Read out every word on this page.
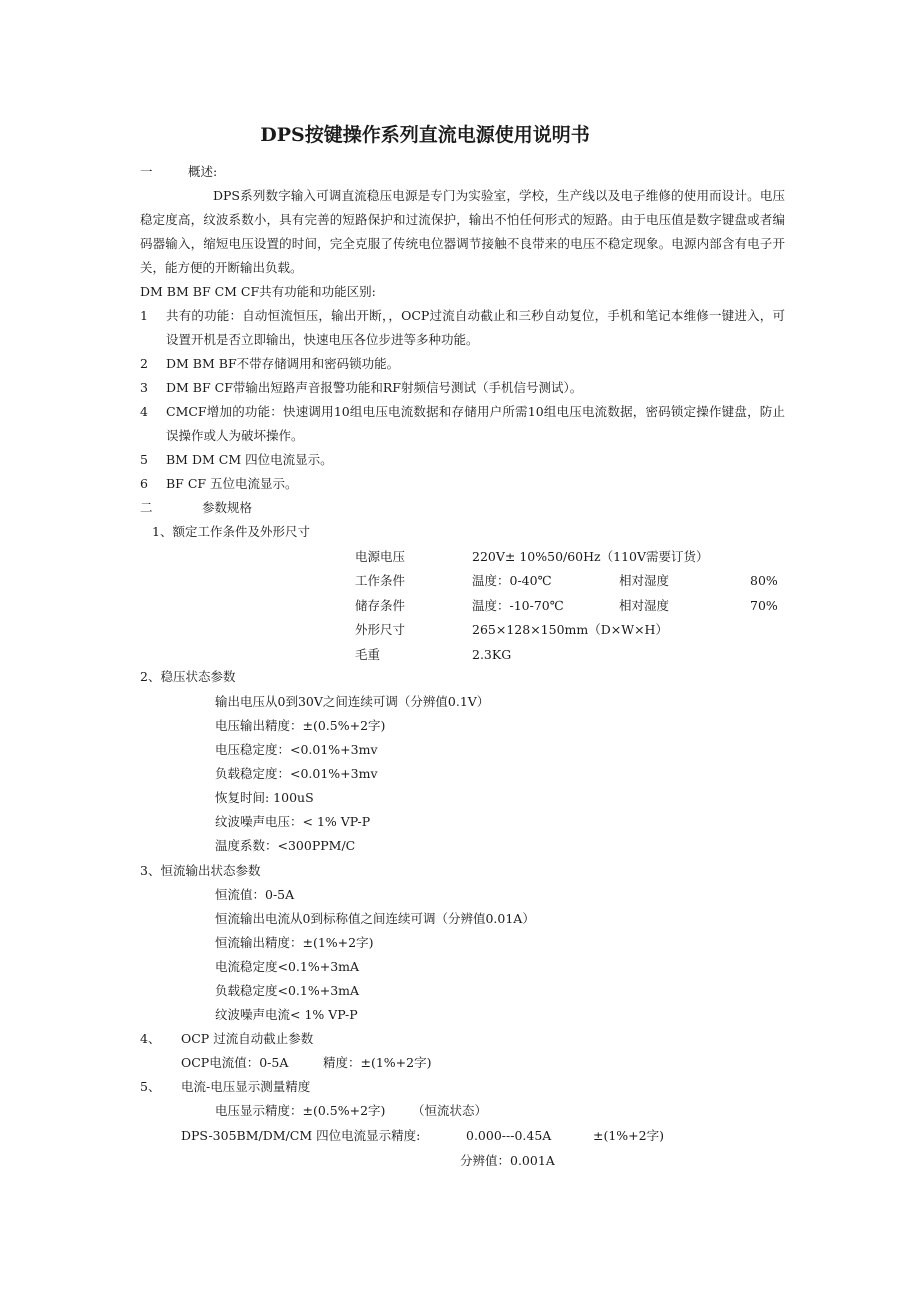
DPS按键操作系列直流电源使用说明书
一	概述:
DPS系列数字输入可调直流稳压电源是专门为实验室，学校，生产线以及电子维修的使用而设计。电压稳定度高，纹波系数小，具有完善的短路保护和过流保护，输出不怕任何形式的短路。由于电压值是数字键盘或者编码器输入，缩短电压设置的时间，完全克服了传统电位器调节接触不良带来的电压不稳定现象。电源内部含有电子开关，能方便的开断输出负载。
DM BM BF CM CF共有功能和功能区别:
1	共有的功能：自动恒流恒压，输出开断，，OCP过流自动截止和三秒自动复位，手机和笔记本维修一键进入，可设置开机是否立即输出，快速电压各位步进等多种功能。
2	DM BM BF不带存储调用和密码锁功能。
3	DM BF CF带输出短路声音报警功能和RF射频信号测试（手机信号测试）。
4	CMCF增加的功能：快速调用10组电压电流数据和存储用户所需10组电压电流数据，密码锁定操作键盘，防止误操作或人为破坏操作。
5	BM DM CM 四位电流显示。
6	BF CF 五位电流显示。
二	参数规格
1、额定工作条件及外形尺寸
电源电压	220V± 10%50/60Hz（110V需要订货）
工作条件	温度：0-40℃	相对湿度	80%
储存条件	温度：-10-70℃	相对湿度	70%
外形尺寸	265×128×150mm（D×W×H）
毛重	2.3KG
2、稳压状态参数
输出电压从0到30V之间连续可调（分辨值0.1V）
电压输出精度：±(0.5%+2字)
电压稳定度：<0.01%+3mv
负载稳定度：<0.01%+3mv
恢复时间: 100uS
纹波噪声电压：< 1% VP-P
温度系数：<300PPM/C
3、恒流输出状态参数
恒流值：0-5A
恒流输出电流从0到标称值之间连续可调（分辨值0.01A）
恒流输出精度：±(1%+2字)
电流稳定度<0.1%+3mA
负载稳定度<0.1%+3mA
纹波噪声电流< 1% VP-P
4、 OCP 过流自动截止参数
OCP电流值：0-5A	精度：±(1%+2字)
5、 电流-电压显示测量精度
电压显示精度：±(0.5%+2字) （恒流状态）
DPS-305BM/DM/CM 四位电流显示精度:	0.000---0.45A	±(1%+2字)
分辨值：0.001A
